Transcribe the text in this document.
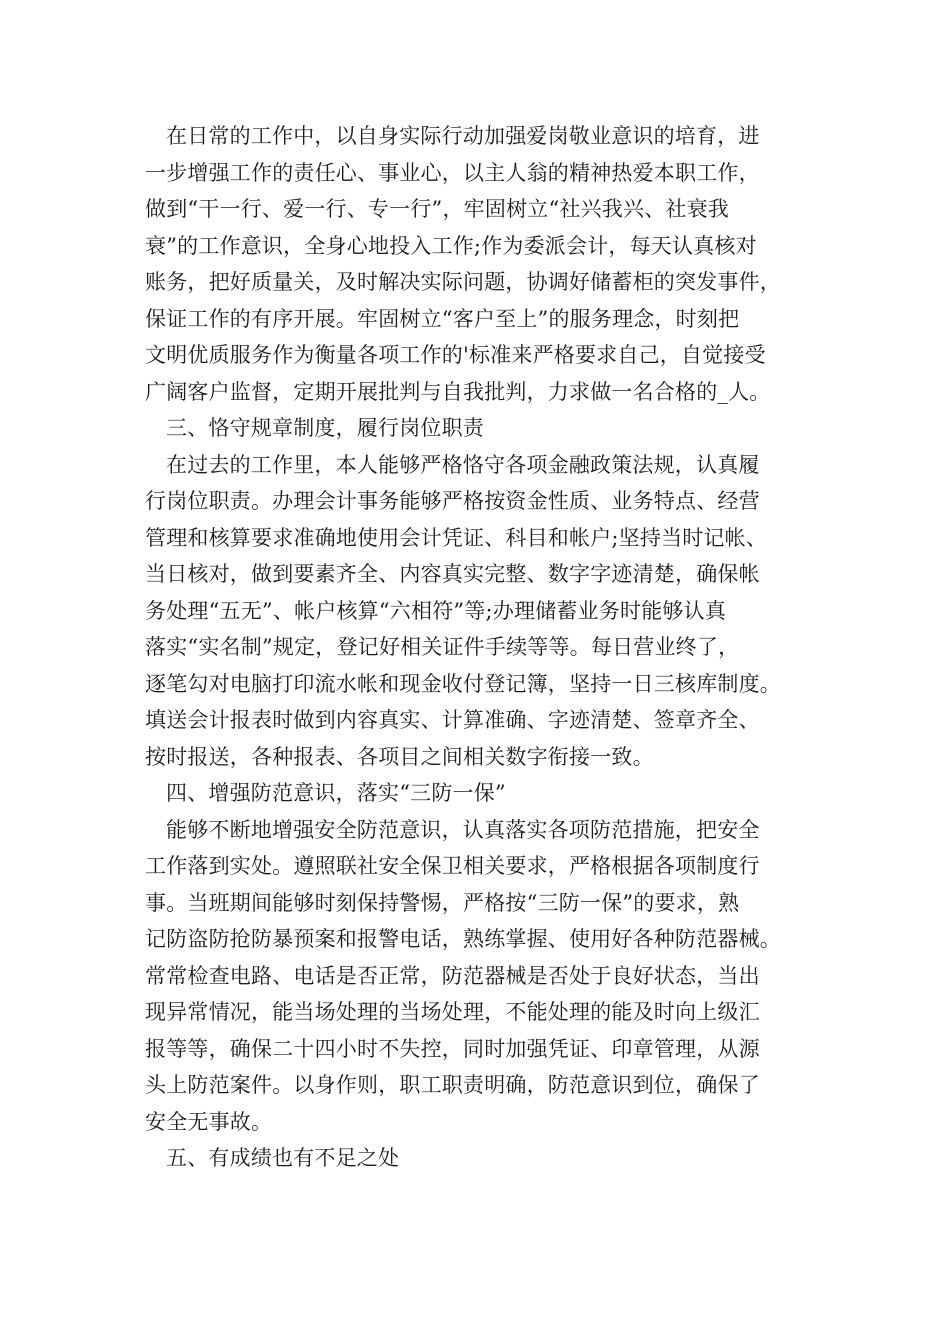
在日常的工作中，以自身实际行动加强爱岗敬业意识的培育，进
一步增强工作的责任心、事业心，以主人翁的精神热爱本职工作，
做到“干一行、爱一行、专一行”，牢固树立“社兴我兴、社衰我
衰”的工作意识，全身心地投入工作;作为委派会计，每天认真核对
账务，把好质量关，及时解决实际问题，协调好储蓄柜的突发事件，
保证工作的有序开展。牢固树立“客户至上”的服务理念，时刻把
文明优质服务作为衡量各项工作的'标准来严格要求自己，自觉接受
广阔客户监督，定期开展批判与自我批判，力求做一名合格的_人。
三、恪守规章制度，履行岗位职责
在过去的工作里，本人能够严格恪守各项金融政策法规，认真履
行岗位职责。办理会计事务能够严格按资金性质、业务特点、经营
管理和核算要求准确地使用会计凭证、科目和帐户;坚持当时记帐、
当日核对，做到要素齐全、内容真实完整、数字字迹清楚，确保帐
务处理“五无”、帐户核算“六相符”等;办理储蓄业务时能够认真
落实“实名制”规定，登记好相关证件手续等等。每日营业终了，
逐笔勾对电脑打印流水帐和现金收付登记簿，坚持一日三核库制度。
填送会计报表时做到内容真实、计算准确、字迹清楚、签章齐全、
按时报送，各种报表、各项目之间相关数字衔接一致。
四、增强防范意识，落实“三防一保”
能够不断地增强安全防范意识，认真落实各项防范措施，把安全
工作落到实处。遵照联社安全保卫相关要求，严格根据各项制度行
事。当班期间能够时刻保持警惕，严格按“三防一保”的要求，熟
记防盗防抢防暴预案和报警电话，熟练掌握、使用好各种防范器械。
常常检查电路、电话是否正常，防范器械是否处于良好状态，当出
现异常情况，能当场处理的当场处理，不能处理的能及时向上级汇
报等等，确保二十四小时不失控，同时加强凭证、印章管理，从源
头上防范案件。以身作则，职工职责明确，防范意识到位，确保了
安全无事故。
五、有成绩也有不足之处
